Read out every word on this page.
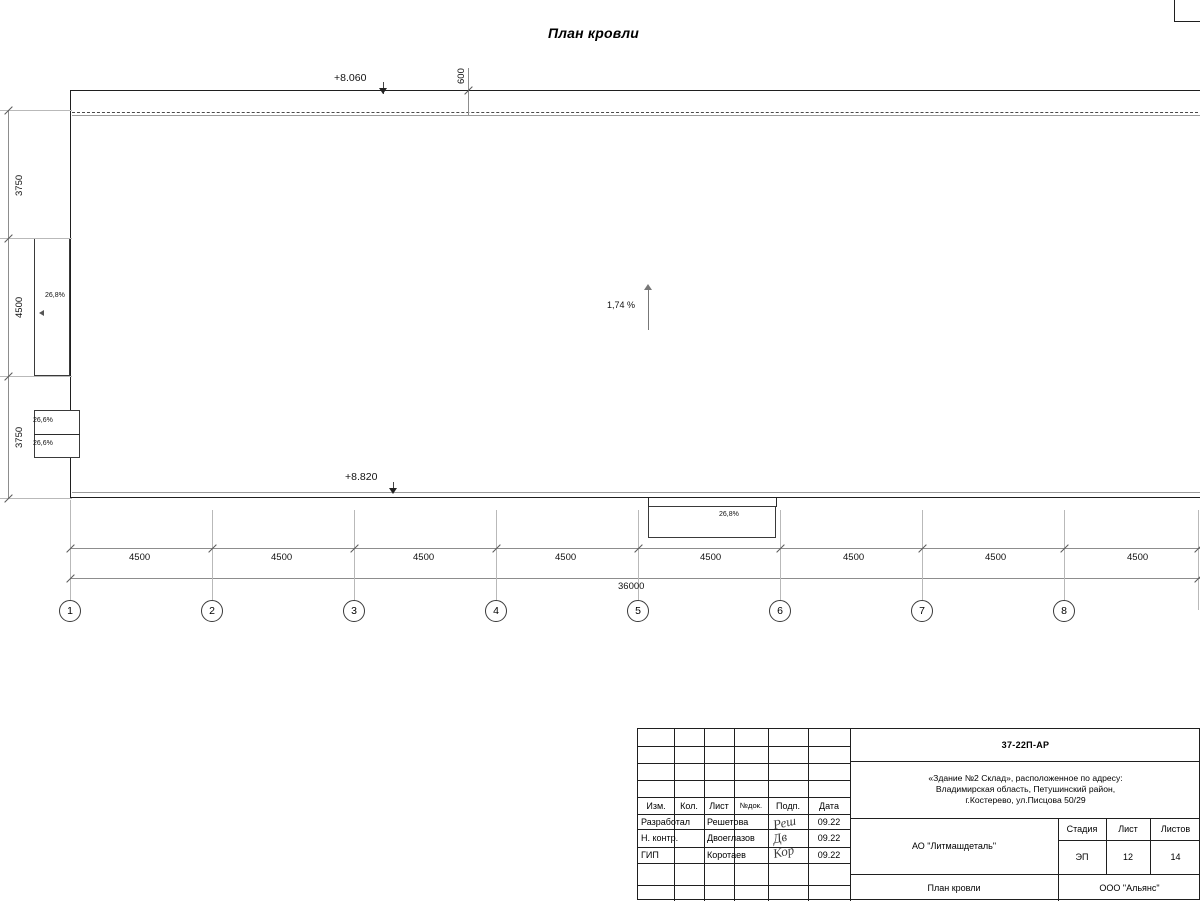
План кровли
1,74 %
26,8%
26,6%
26,6%
26,8%
+8.060
+8.820
600
3750
4500
3750
4500	4500	4500	4500	4500	4500	4500	4500
36000
1	2	3	4	5	6	7	8
Изм.	Кол.	Лист	№док.	Подп.	Дата
Разработал	Решетова	09.22
Н. контр.	Двоеглазов	09.22
ГИП	Коротаев	09.22
Реш
Дв
Кор
37-22П-АР
«Здание №2 Склад», расположенное по адресу:
Владимирская область, Петушинский район,
г.Костерево, ул.Писцова 50/29
АО "Литмашдеталь"
План кровли
Стадия	Лист	Листов
ЭП	12	14
ООО "Альянс"
